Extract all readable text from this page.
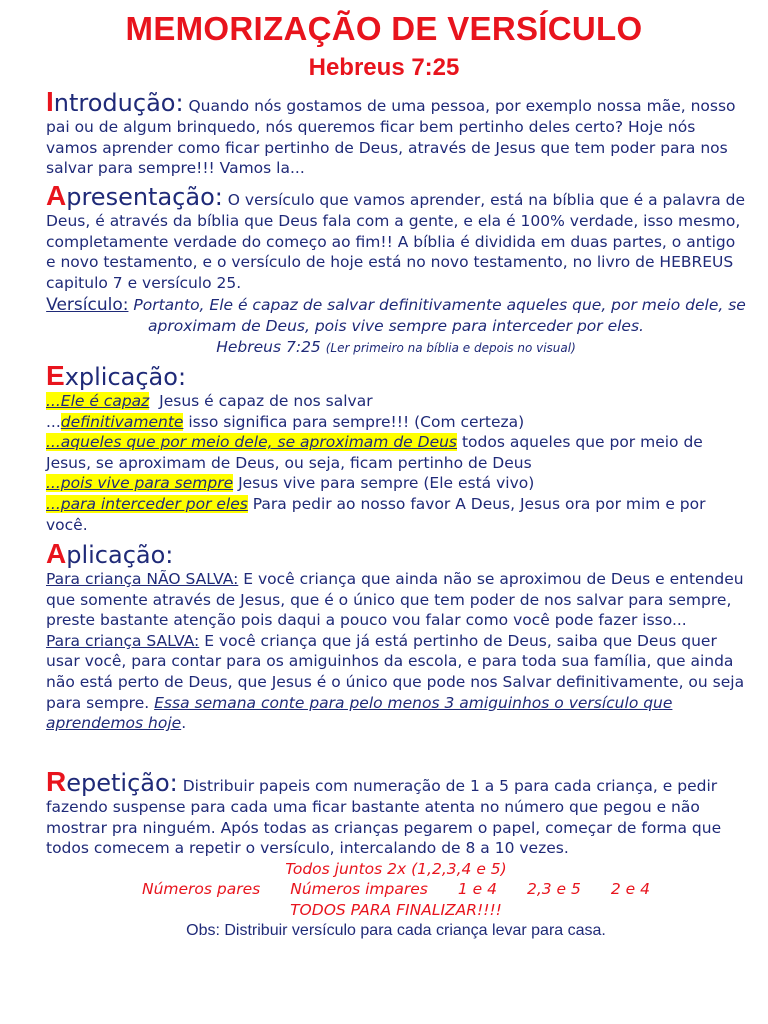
MEMORIZAÇÃO DE VERSÍCULO
Hebreus 7:25

Introdução: Quando nós gostamos de uma pessoa, por exemplo nossa mãe, nosso pai ou de algum brinquedo, nós queremos ficar bem pertinho deles certo? Hoje nós vamos aprender como ficar pertinho de Deus, através de Jesus que tem poder para nos salvar para sempre!!! Vamos la...

Apresentação: O versículo que vamos aprender, está na bíblia que é a palavra de Deus, é através da bíblia que Deus fala com a gente, e ela é 100% verdade, isso mesmo, completamente verdade do começo ao fim!! A bíblia é dividida em duas partes, o antigo e novo testamento, e o versículo de hoje está no novo testamento, no livro de HEBREUS capitulo 7 e versículo 25.

Versículo: Portanto, Ele é capaz de salvar definitivamente aqueles que, por meio dele, se aproximam de Deus, pois vive sempre para interceder por eles.

Hebreus 7:25 (Ler primeiro na bíblia e depois no visual)

Explicação:

...Ele é capaz Jesus é capaz de nos salvar

...definitivamente isso significa para sempre!!! (Com certeza)

...aqueles que por meio dele, se aproximam de Deus todos aqueles que por meio de Jesus, se aproximam de Deus, ou seja, ficam pertinho de Deus

...pois vive para sempre Jesus vive para sempre (Ele está vivo)

...para interceder por eles Para pedir ao nosso favor A Deus, Jesus ora por mim e por você.

Aplicação:

Para criança NÃO SALVA: E você criança que ainda não se aproximou de Deus e entendeu que somente através de Jesus, que é o único que tem poder de nos salvar para sempre, preste bastante atenção pois daqui a pouco vou falar como você pode fazer isso...

Para criança SALVA: E você criança que já está pertinho de Deus, saiba que Deus quer usar você, para contar para os amiguinhos da escola, e para toda sua família, que ainda não está perto de Deus, que Jesus é o único que pode nos Salvar definitivamente, ou seja para sempre. Essa semana conte para pelo menos 3 amiguinhos o versículo que aprendemos hoje.

Repetição: Distribuir papeis com numeração de 1 a 5 para cada criança, e pedir fazendo suspense para cada uma ficar bastante atenta no número que pegou e não mostrar pra ninguém. Após todas as crianças pegarem o papel, começar de forma que todos comecem a repetir o versículo, intercalando de 8 a 10 vezes.

Todos juntos 2x (1,2,3,4 e 5)

Números pares Números impares 1 e 4 2,3 e 5 2 e 4

TODOS PARA FINALIZAR!!!!

Obs: Distribuir versículo para cada criança levar para casa.
